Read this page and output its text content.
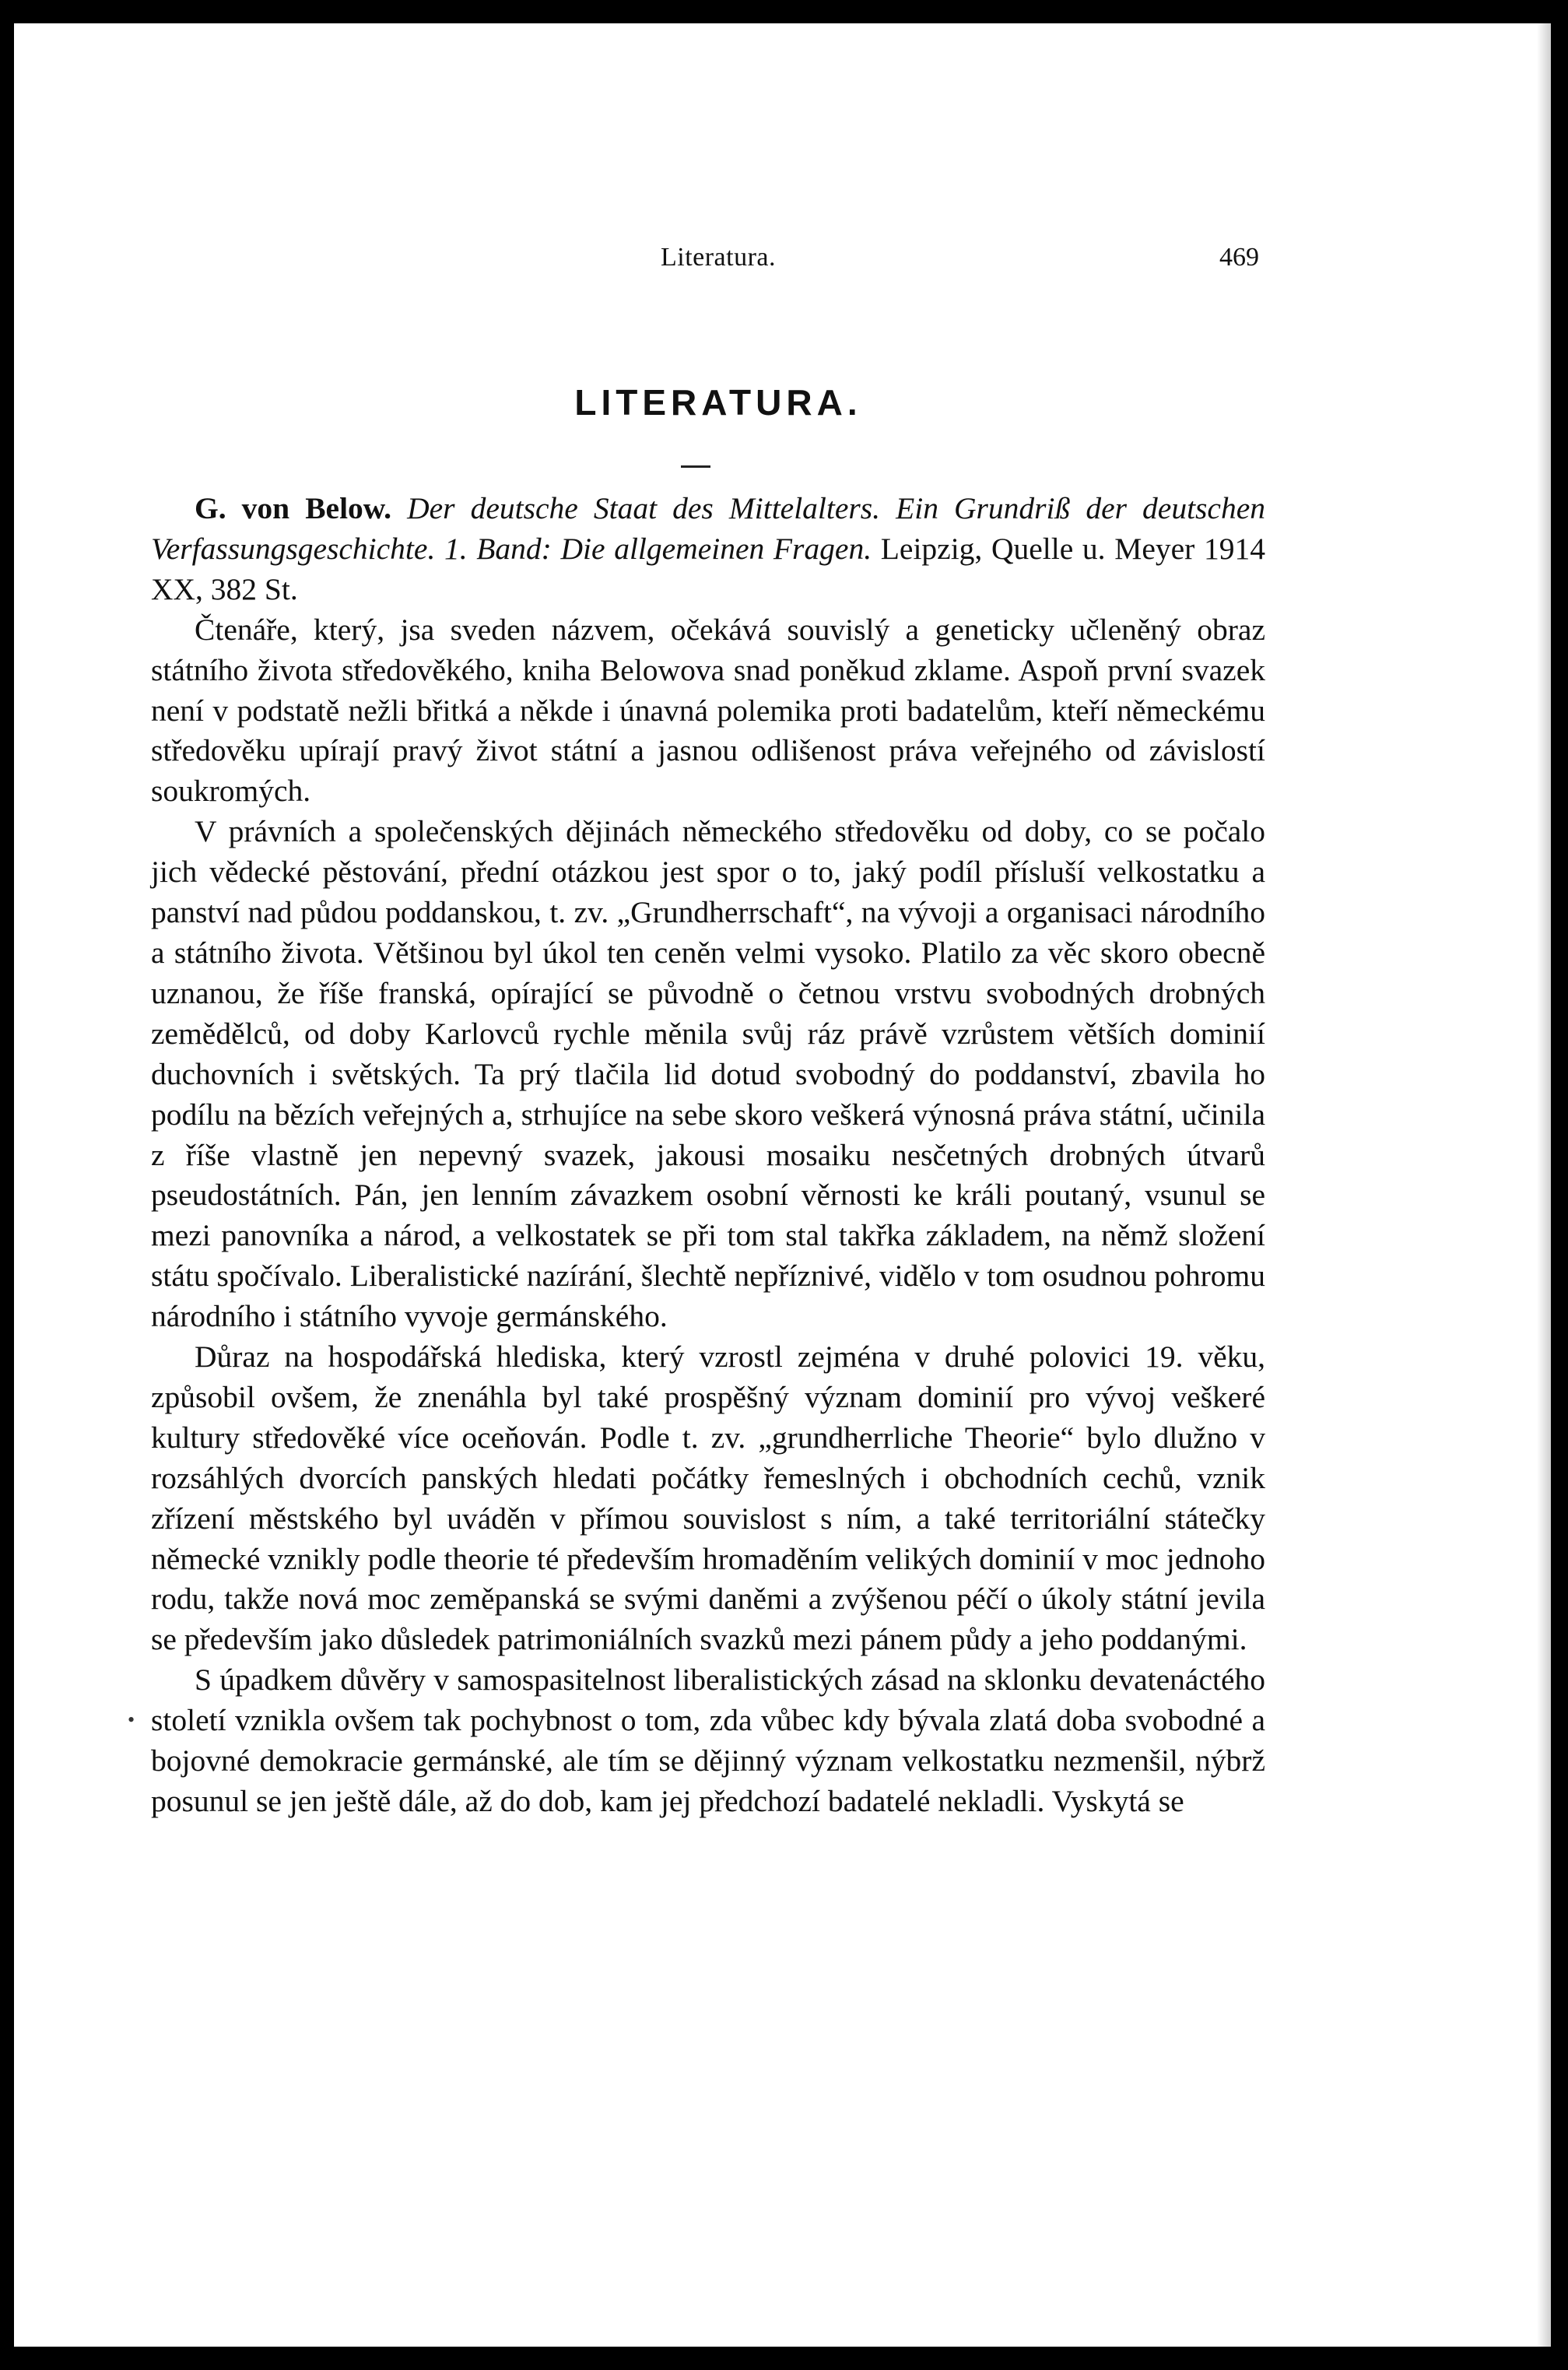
Literatura.	469
LITERATURA.

G. von Below. Der deutsche Staat des Mittelalters. Ein Grundriß der deutschen Verfassungsgeschichte. 1. Band: Die allgemeinen Fragen. Leipzig, Quelle u. Meyer 1914 XX, 382 St.

Čtenáře, který, jsa sveden názvem, očekává souvislý a geneticky učleněný obraz státního života středověkého, kniha Belowova snad poněkud zklame. Aspoň první svazek není v podstatě nežli břitká a někde i únavná polemika proti badatelům, kteří německému středověku upírají pravý život státní a jasnou odlišenost práva veřejného od závislostí soukromých.

V právních a společenských dějinách německého středověku od doby, co se počalo jich vědecké pěstování, přední otázkou jest spor o to, jaký podíl přísluší velkostatku a panství nad půdou poddanskou, t. zv. „Grundherrschaft“, na vývoji a organisaci národního a státního života. Většinou byl úkol ten ceněn velmi vysoko. Platilo za věc skoro obecně uznanou, že říše franská, opírající se původně o četnou vrstvu svobodných drobných zemědělců, od doby Karlovců rychle měnila svůj ráz právě vzrůstem větších dominií duchovních i světských. Ta prý tlačila lid dotud svobodný do poddanství, zbavila ho podílu na bězích veřejných a, strhujíce na sebe skoro veškerá výnosná práva státní, učinila z říše vlastně jen nepevný svazek, jakousi mosaiku nesčetných drobných útvarů pseudostátních. Pán, jen lenním závazkem osobní věrnosti ke králi poutaný, vsunul se mezi panovníka a národ, a velkostatek se při tom stal takřka základem, na němž složení státu spočívalo. Liberalistické nazírání, šlechtě nepříznivé, vidělo v tom osudnou pohromu národního i státního vyvoje germánského.

Důraz na hospodářská hlediska, který vzrostl zejména v druhé polovici 19. věku, způsobil ovšem, že znenáhla byl také prospěšný význam dominií pro vývoj veškeré kultury středověké více oceňován. Podle t. zv. „grundherrliche Theorie“ bylo dlužno v rozsáhlých dvorcích panských hledati počátky řemeslných i obchodních cechů, vznik zřízení městského byl uváděn v přímou souvislost s ním, a také territoriální státečky německé vznikly podle theorie té především hromaděním velikých dominií v moc jednoho rodu, takže nová moc zeměpanská se svými daněmi a zvýšenou péčí o úkoly státní jevila se především jako důsledek patrimoniálních svazků mezi pánem půdy a jeho poddanými.

S úpadkem důvěry v samospasitelnost liberalistických zásad na sklonku devatenáctého století vznikla ovšem tak pochybnost o tom, zda vůbec kdy bývala zlatá doba svobodné a bojovné demokracie germánské, ale tím se dějinný význam velkostatku nezmenšil, nýbrž posunul se jen ještě dále, až do dob, kam jej předchozí badatelé nekladli. Vyskytá se

•
